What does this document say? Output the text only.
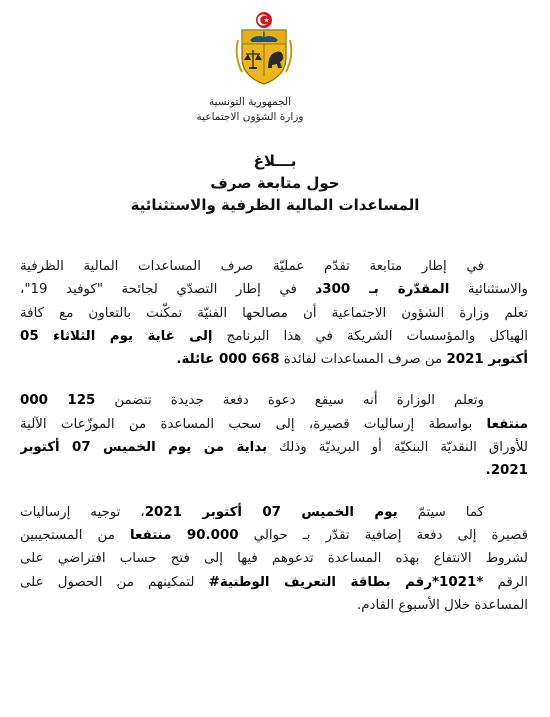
الجمهورية التونسية
وزارة الشؤون الاجتماعية
بـــلاغ
حول متابعة صرف
المساعدات المالية الظرفية والاستثنائية
في إطار متابعة تقدّم عمليّة صرف المساعدات المالية الظرفية
والاستثنائية المقدّرة بـ 300د في إطار التصدّي لجائحة "كوفيد 19"،
تعلم وزارة الشؤون الاجتماعية أن مصالحها الفنيّة تمكّنت بالتعاون مع كافة
الهياكل والمؤسسات الشريكة في هذا البرنامج إلى غاية يوم الثلاثاء 05
أكتوبر 2021 من صرف المساعدات لفائدة 668 000 عائلة.
وتعلم الوزارة أنه سيقع دعوة دفعة جديدة تتضمن 125 000
منتفعا بواسطة إرساليات قصيرة، إلى سحب المساعدة من الموزّعات الآلية
للأوراق النقديّة البنكيّة أو البريديّة وذلك بداية من يوم الخميس 07 أكتوبر
2021.
كما سيتمّ يوم الخميس 07 أكتوبر 2021، توجيه إرساليات
قصيرة إلى دفعة إضافية تقدّر بـ حوالي 90.000 منتفعا من المستجيبين
لشروط الانتفاع بهذه المساعدة تدعوهم فيها إلى فتح حساب افتراضي على
الرقم *1021*رقم بطاقة التعريف الوطنية# لتمكينهم من الحصول على
المساعدة خلال الأسبوع القادم.
